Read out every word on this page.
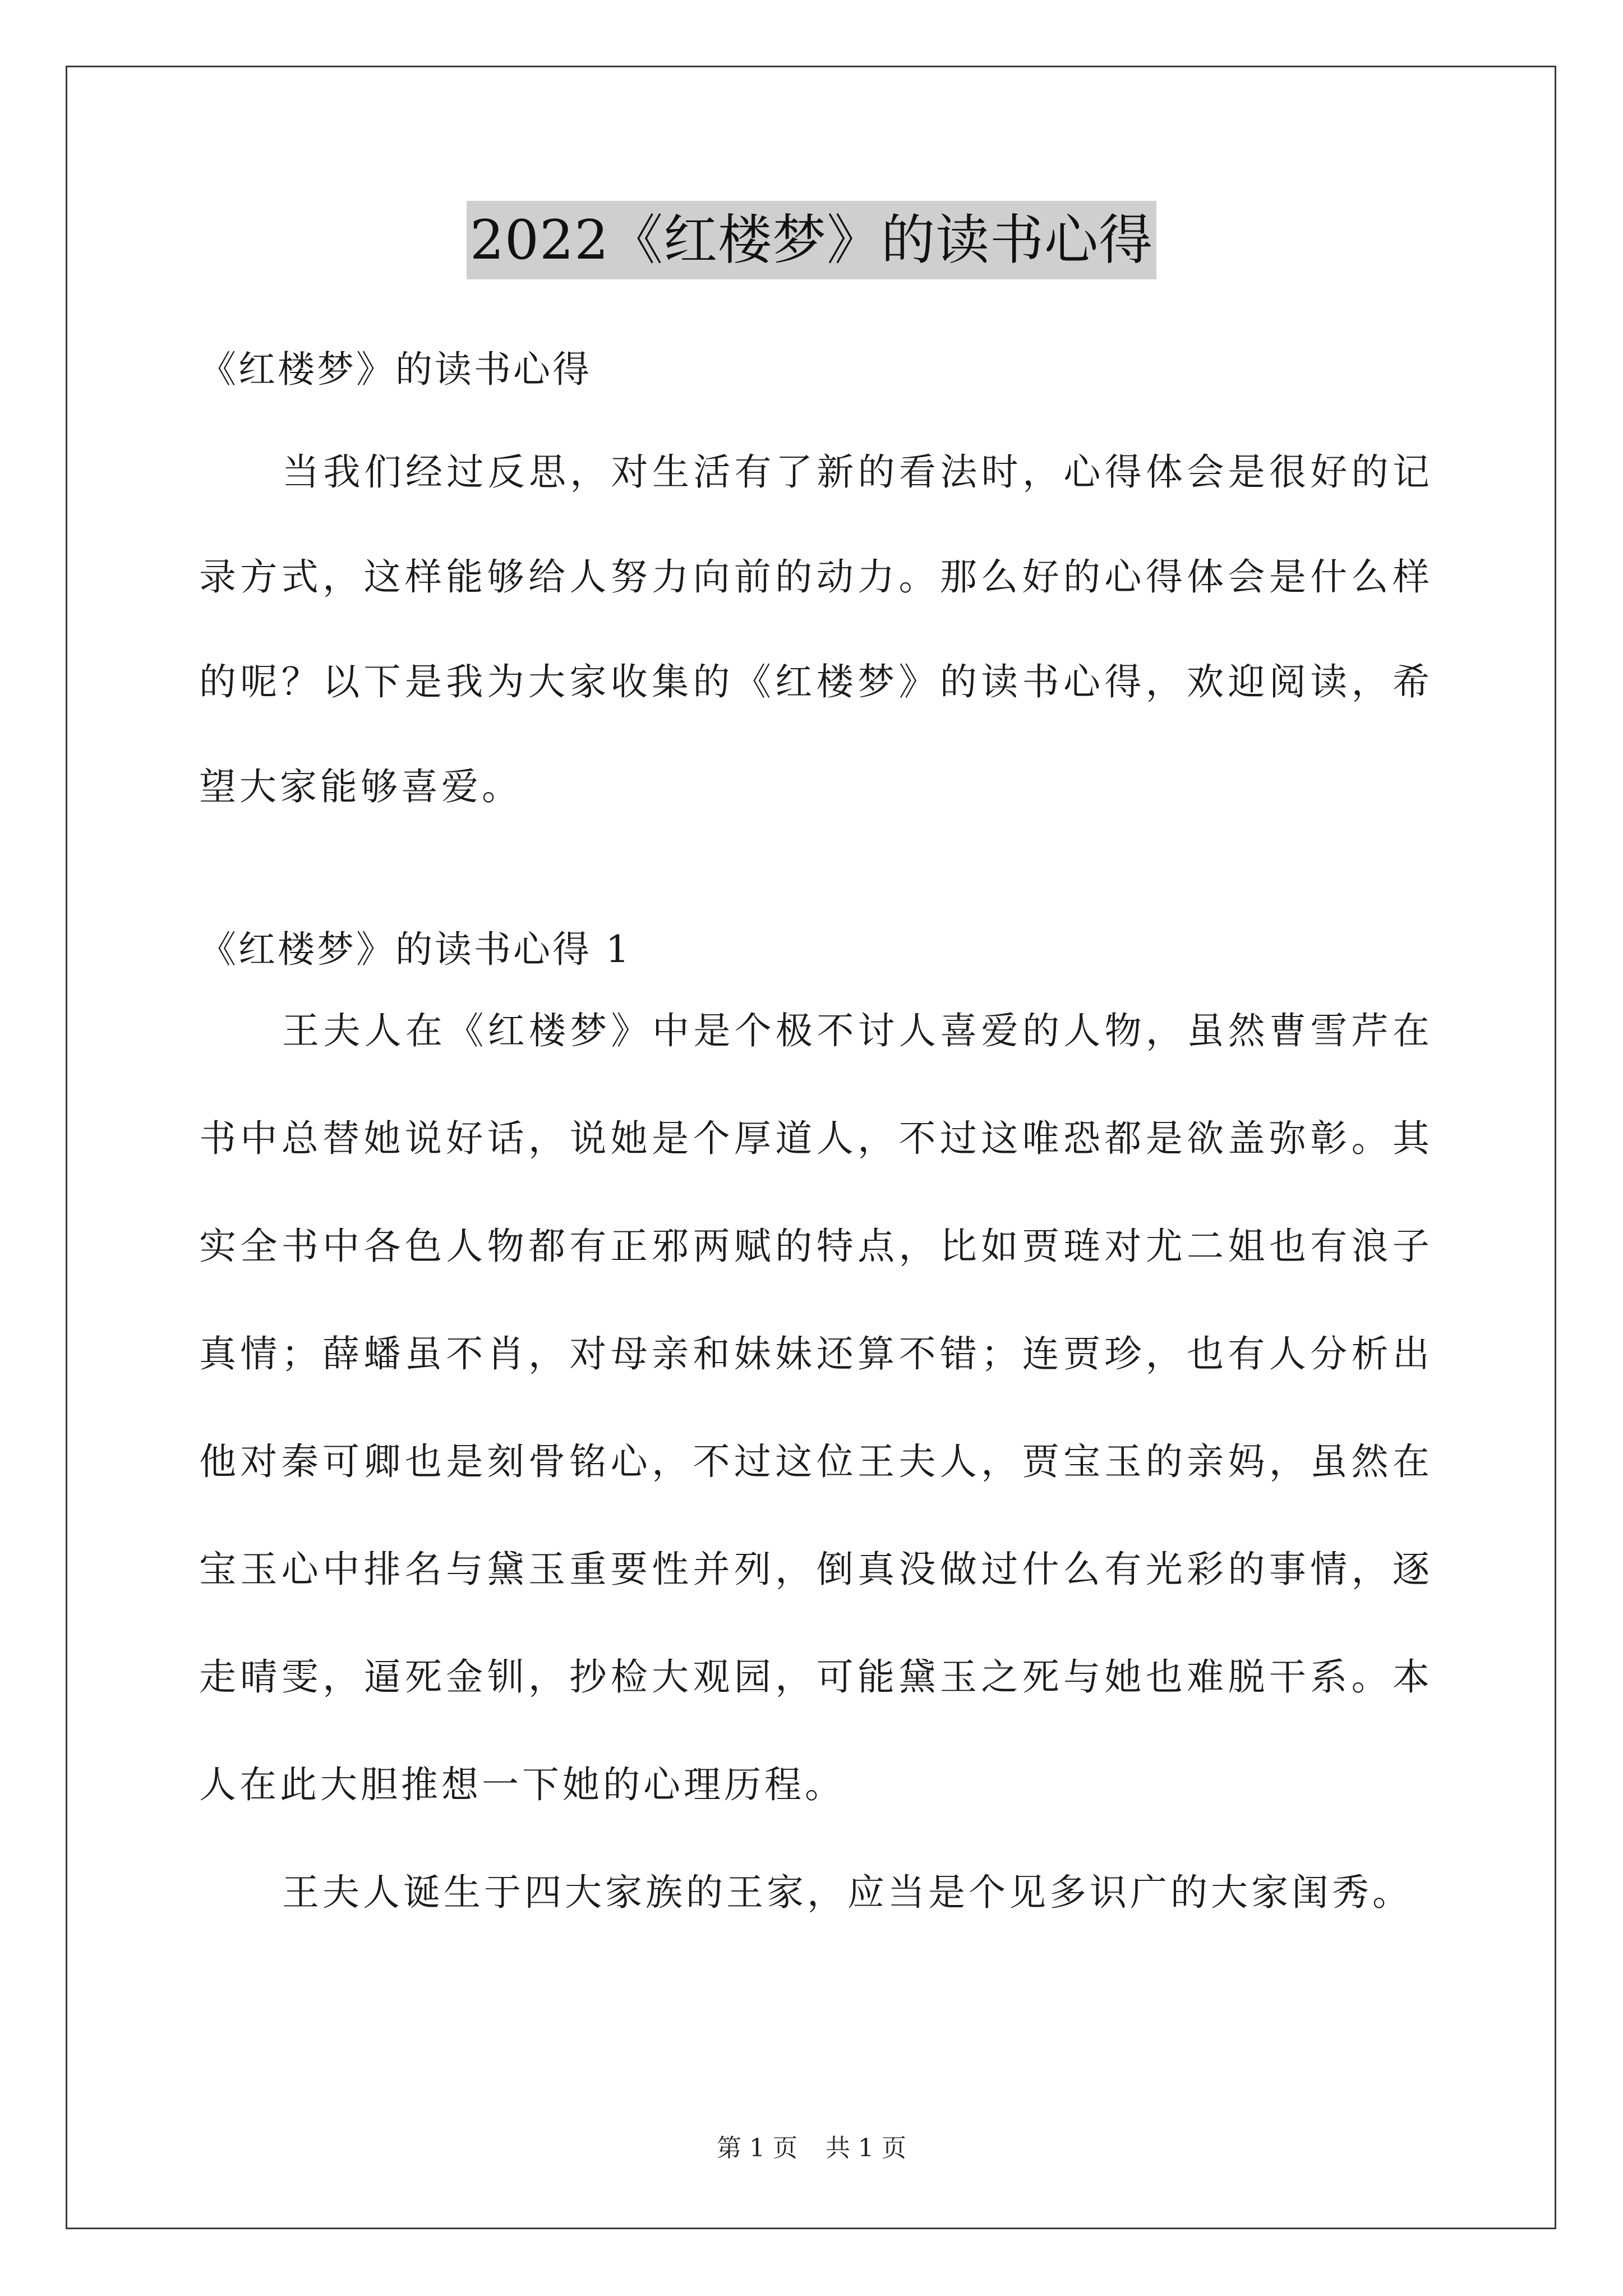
2022《红楼梦》的读书心得

《红楼梦》的读书心得

当我们经过反思，对生活有了新的看法时，心得体会是很好的记录方式，这样能够给人努力向前的动力。那么好的心得体会是什么样的呢？以下是我为大家收集的《红楼梦》的读书心得，欢迎阅读，希望大家能够喜爱。

《红楼梦》的读书心得 1

王夫人在《红楼梦》中是个极不讨人喜爱的人物，虽然曹雪芹在书中总替她说好话，说她是个厚道人，不过这唯恐都是欲盖弥彰。其实全书中各色人物都有正邪两赋的特点，比如贾琏对尤二姐也有浪子真情；薛蟠虽不肖，对母亲和妹妹还算不错；连贾珍，也有人分析出他对秦可卿也是刻骨铭心，不过这位王夫人，贾宝玉的亲妈，虽然在宝玉心中排名与黛玉重要性并列，倒真没做过什么有光彩的事情，逐走晴雯，逼死金钏，抄检大观园，可能黛玉之死与她也难脱干系。本人在此大胆推想一下她的心理历程。

王夫人诞生于四大家族的王家，应当是个见多识广的大家闺秀。

第 1 页 共 1 页
